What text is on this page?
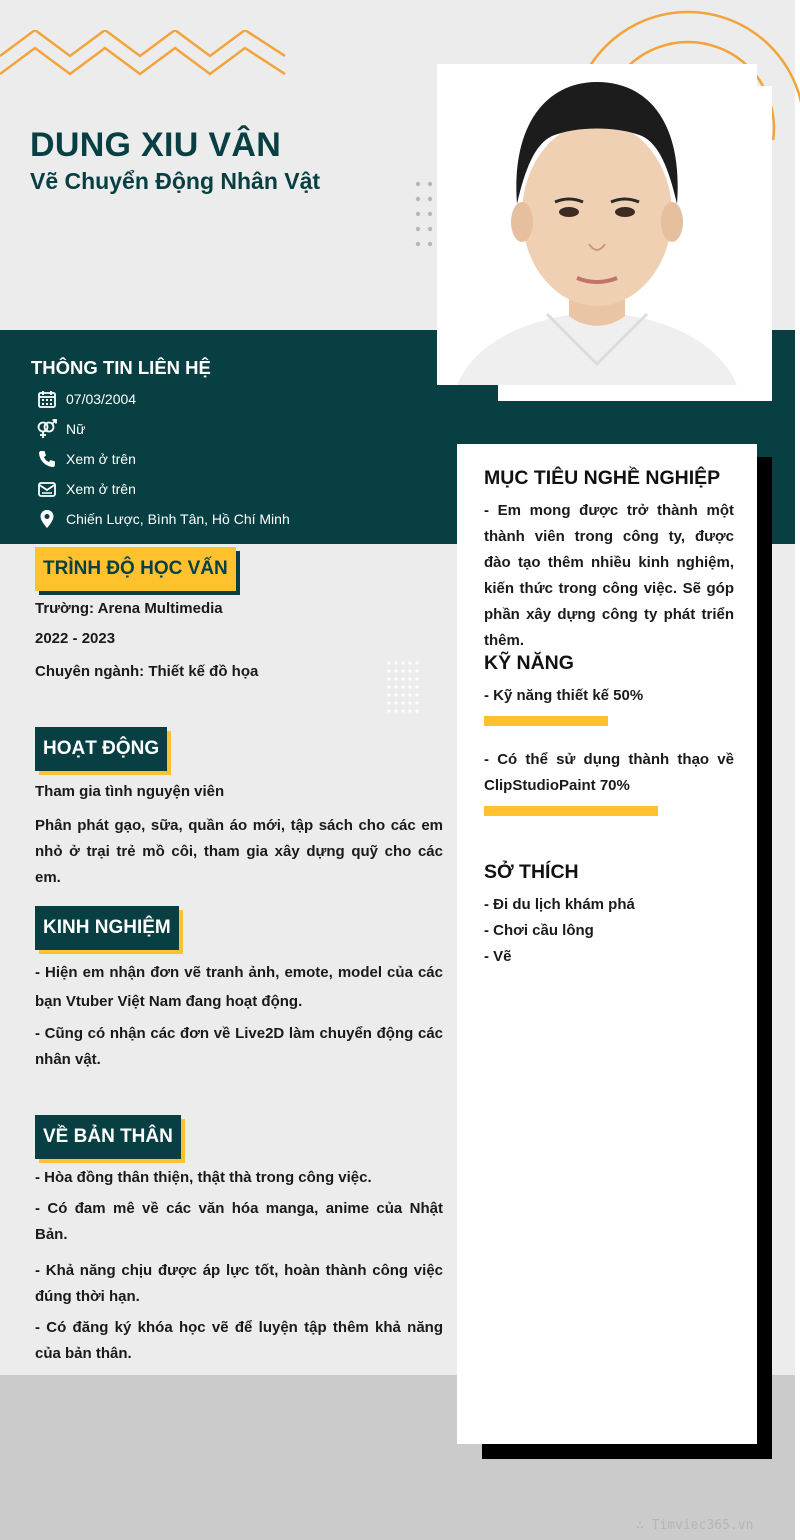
DUNG XIU VÂN
Vẽ Chuyển Động Nhân Vật
THÔNG TIN LIÊN HỆ
07/03/2004
Nữ
Xem ở trên
Xem ở trên
Chiến Lược, Bình Tân, Hồ Chí Minh
TRÌNH ĐỘ HỌC VẤN

Trường: Arena Multimedia

2022 - 2023

Chuyên ngành: Thiết kế đồ họa

HOẠT ĐỘNG

Tham gia tình nguyện viên

Phân phát gạo, sữa, quần áo mới, tập sách cho các em nhỏ ở trại trẻ mồ côi, tham gia xây dựng quỹ cho các em.

KINH NGHIỆM

- Hiện em nhận đơn vẽ tranh ảnh, emote, model của các bạn Vtuber Việt Nam đang hoạt động.

- Cũng có nhận các đơn về Live2D làm chuyển động các nhân vật.

VỀ BẢN THÂN

- Hòa đồng thân thiện, thật thà trong công việc.

- Có đam mê về các văn hóa manga, anime của Nhật Bản.

- Khả năng chịu được áp lực tốt, hoàn thành công việc đúng thời hạn.

- Có đăng ký khóa học vẽ để luyện tập thêm khả năng của bản thân.

MỤC TIÊU NGHỀ NGHIỆP

- Em mong được trở thành một thành viên trong công ty, được đào tạo thêm nhiều kinh nghiệm, kiến thức trong công việc. Sẽ góp phần xây dựng công ty phát triển thêm.

KỸ NĂNG

- Kỹ năng thiết kế 50%

- Có thể sử dụng thành thạo về ClipStudioPaint 70%

SỞ THÍCH

- Đi du lịch khám phá

- Chơi cầu lông

- Vẽ

∴ Timviec365.vn
